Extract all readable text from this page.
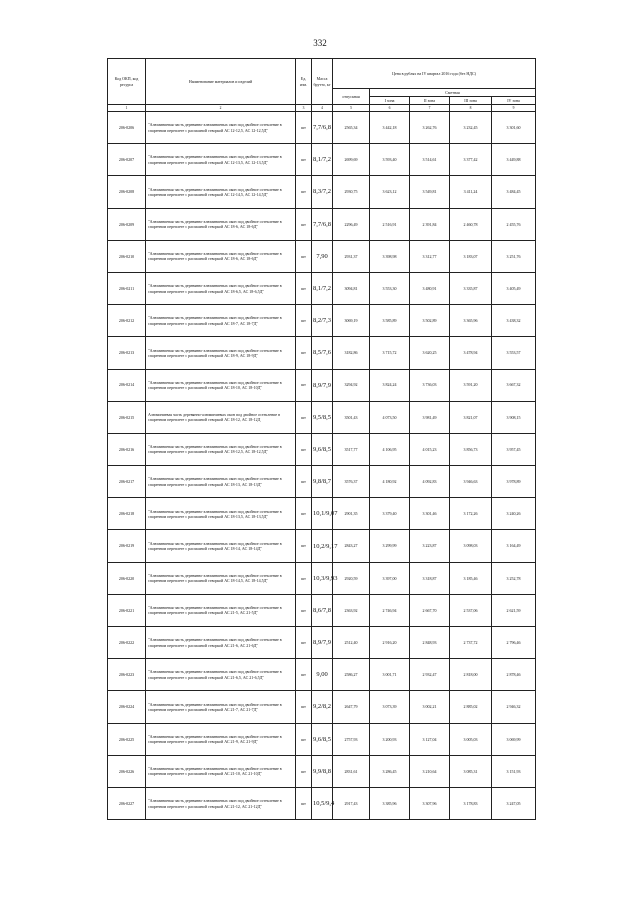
332
Код ОКП, код ресурса	Наименование материалов и изделий	Ед. изм.	Масса брутто, кг	Цена в рублях на IV квартал 2016 года (без НДС)				
				отпускная	Сметная			
					I зона	II зона	III зона	IV зона
1	2	3	4	5	6	7	8	9
206-0206	"Алюминиевая часть деревянно-алюминиевых окон под двойное остекление в спаренном переплете с распашной створкой АС 12-12,5, АС 12-12,5Д"	шт	7,7/6,8	2565,34	3 442,18	3 262,76	3 232,45	3 301,60
206-0207	"Алюминиевая часть деревянно-алюминиевых окон под двойное остекление в спаренном переплете с распашной створкой АС 12-13,5, АС 12-13,5Д"	шт	8,1/7,2	2699,69	3 593,40	3 514,61	3 377,42	3 449,88
206-0208	"Алюминиевая часть деревянно-алюминиевых окон под двойное остекление в спаренном переплете с распашной створкой АС 12-14,5, АС 12-14,5Д"	шт	8,3/7,2	2930,75	3 623,12	3 549,81	3 411,24	3 484,45
206-0209	"Алюминиевая часть деревянно-алюминиевых окон под двойное остекление в спаренном переплете с распашной створкой АС 18-6, АС 18-6Д"	шт	7,7/6,8	2296,49	2 516,91	2 391,84	2 460,78	2 455,76
206-0210	"Алюминиевая часть деревянно-алюминиевых окон под двойное остекление в спаренном переплете с распашной створкой АС 18-6, АС 18-6Д"	шт	7,90	2931,37	3 398,98	3 312,77	3 183,07	3 251,76
206-0211	"Алюминиевая часть деревянно-алюминиевых окон под двойное остекление в спаренном переплете с распашной створкой АС 18-6,5, АС 18-6,5Д"	шт	8,1/7,2	3094,81	3 553,30	3 480,91	3 335,87	3 405,49
206-0212	"Алюминиевая часть деревянно-алюминиевых окон под двойное остекление в спаренном переплете с распашной створкой АС 18-7, АС 18-7Д"	шт	8,2/7,3	3069,19	3 585,89	3 502,89	3 365,96	3 438,32
206-0213	"Алюминиевая часть деревянно-алюминиевых окон под двойное остекление в спаренном переплете с распашной створкой АС 18-9, АС 18-9Д"	шт	8,5/7,6	3182,86	3 715,72	3 620,25	3 478,94	3 553,57
206-0214	"Алюминиевая часть деревянно-алюминиевых окон под двойное остекление в спаренном переплете с распашной створкой АС 18-10, АС 18-10Д"	шт	8,9/7,9	3294,92	3 824,24	3 736,03	3 591,20	3 667,32
206-0215	Алюминиевая часть деревянно-алюминиевых окон под двойное остекление в спаренном переплете с распашной створкой АС 18-12, АС 18-12Д	шт	9,5/8,5	3501,43	4 073,50	3 981,49	3 821,07	3 908,15
206-0216	"Алюминиевая часть деревянно-алюминиевых окон под двойное остекление в спаренном переплете с распашной створкой АС 18-12,5, АС 18-12,5Д"	шт	9,6/8,5	3517,77	4 106,95	4 015,23	3 856,73	3 957,45
206-0217	"Алюминиевая часть деревянно-алюминиевых окон под двойное остекление в спаренном переплете с распашной створкой АС 18-13, АС 18-13Д"	шт	9,8/8,7	3576,37	4 180,92	4 092,83	3 946,63	3 978,89
206-0218	"Алюминиевая часть деревянно-алюминиевых окон под двойное остекление в спаренном переплете с распашной створкой АС 18-13,5, АС 18-13,5Д"	шт	10,1/9,07	2901,35	3 379,40	3 301,46	3 172,26	3 240,26
206-0219	"Алюминиевая часть деревянно-алюминиевых окон под двойное остекление в спаренном переплете с распашной створкой АС 18-14, АС 18-14Д"	шт	10,2/9,17	2843,27	3 299,99	3 223,87	3 098,03	3 164,49
206-0220	"Алюминиевая часть деревянно-алюминиевых окон под двойное остекление в спаренном переплете с распашной створкой АС 18-14,5, АС 18-14,5Д"	шт	10,3/9,93	2920,59	3 397,00	3 318,87	3 185,46	3 252,78
206-0221	"Алюминиевая часть деревянно-алюминиевых окон под двойное остекление в спаренном переплете с распашной створкой АС 21-5, АС 21-5Д"	шт	8,6/7,8	2363,92	2 746,94	2 667,70	2 537,06	2 621,59
206-0222	"Алюминиевая часть деревянно-алюминиевых окон под двойное остекление в спаренном переплете с распашной створкой АС 21-6, АС 21-6Д"	шт	8,9/7,9	2512,40	2 916,20	2 848,93	2 737,72	2 796,46
206-0223	"Алюминиевая часть деревянно-алюминиевых окон под двойное остекление в спаренном переплете с распашной створкой АС 21-6,5, АС 21-6,5Д"	шт	9,00	2586,27	3 001,71	2 932,47	2 818,00	2 878,46
206-0224	"Алюминиевая часть деревянно-алюминиевых окон под двойное остекление в спаренном переплете с распашной створкой АС 21-7, АС 21-7Д"	шт	9,2/8,2	2647,79	3 073,39	3 002,21	2 885,02	2 946,32
206-0225	"Алюминиевая часть деревянно-алюминиевых окон под двойное остекление в спаренном переплете с распашной створкой АС 21-9, АС 21-9Д"	шт	9,6/8,5	2757,93	3 200,93	3 127,04	3 005,03	3 069,99
206-0226	"Алюминиевая часть деревянно-алюминиевых окон под двойное остекление в спаренном переплете с распашной створкой АС 21-10, АС 21-10Д"	шт	9,9/8,8	2831,61	3 286,45	3 210,64	3 085,31	3 151,93
206-0227	"Алюминиевая часть деревянно-алюминиевых окон под двойное остекление в спаренном переплете с распашной створкой АС 21-12, АС 21-12Д"	шт	10,5/9,4	2917,43	3 385,96	3 307,96	3 178,83	3 247,05
